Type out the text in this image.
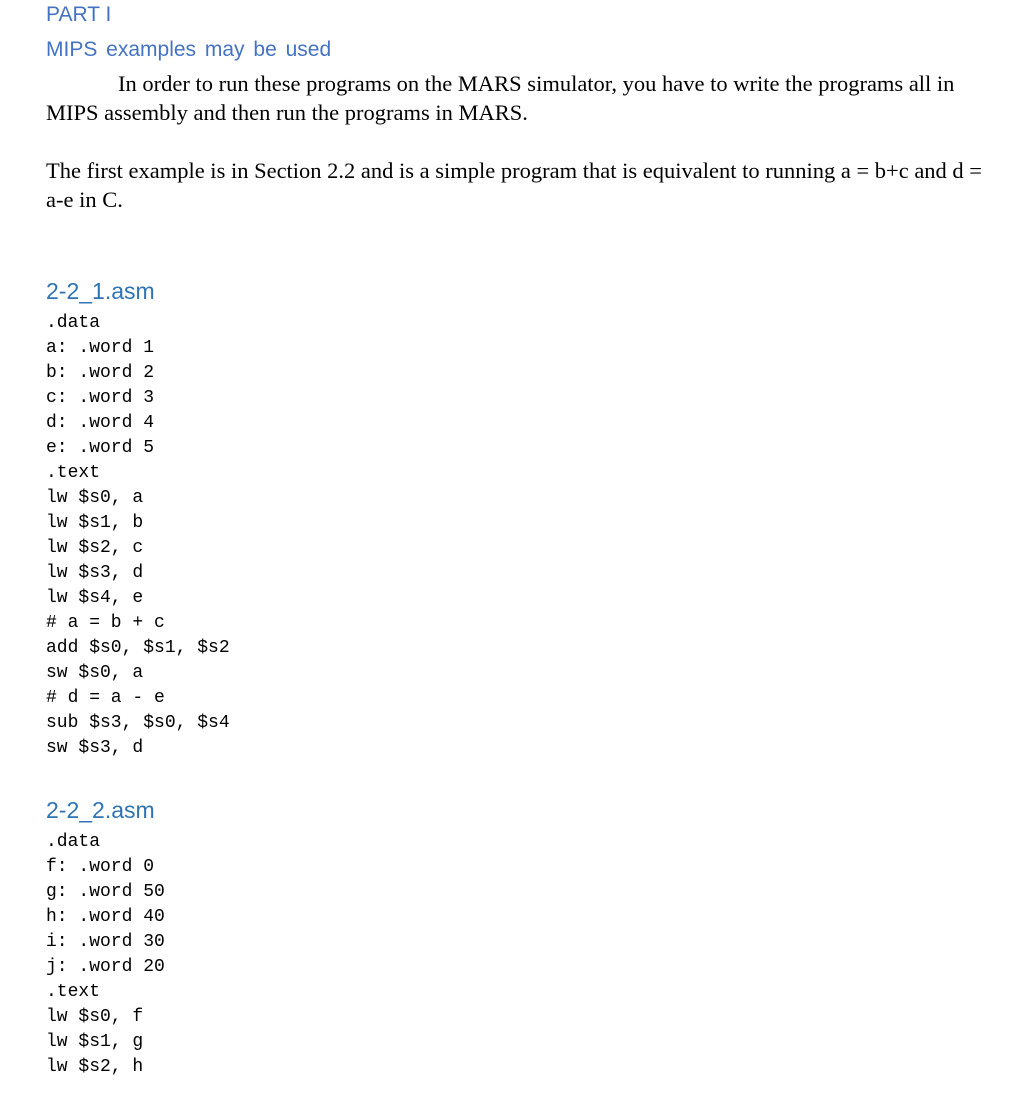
PART I
MIPS examples may be used

In order to run these programs on the MARS simulator, you have to write the programs all in MIPS assembly and then run the programs in MARS.

The first example is in Section 2.2 and is a simple program that is equivalent to running a = b+c and d = a-e in C.

2-2_1.asm
.data
a: .word 1
b: .word 2
c: .word 3
d: .word 4
e: .word 5
.text
lw $s0, a
lw $s1, b
lw $s2, c
lw $s3, d
lw $s4, e
# a = b + c
add $s0, $s1, $s2
sw $s0, a
# d = a - e
sub $s3, $s0, $s4
sw $s3, d
2-2_2.asm
.data
f: .word 0
g: .word 50
h: .word 40
i: .word 30
j: .word 20
.text
lw $s0, f
lw $s1, g
lw $s2, h
